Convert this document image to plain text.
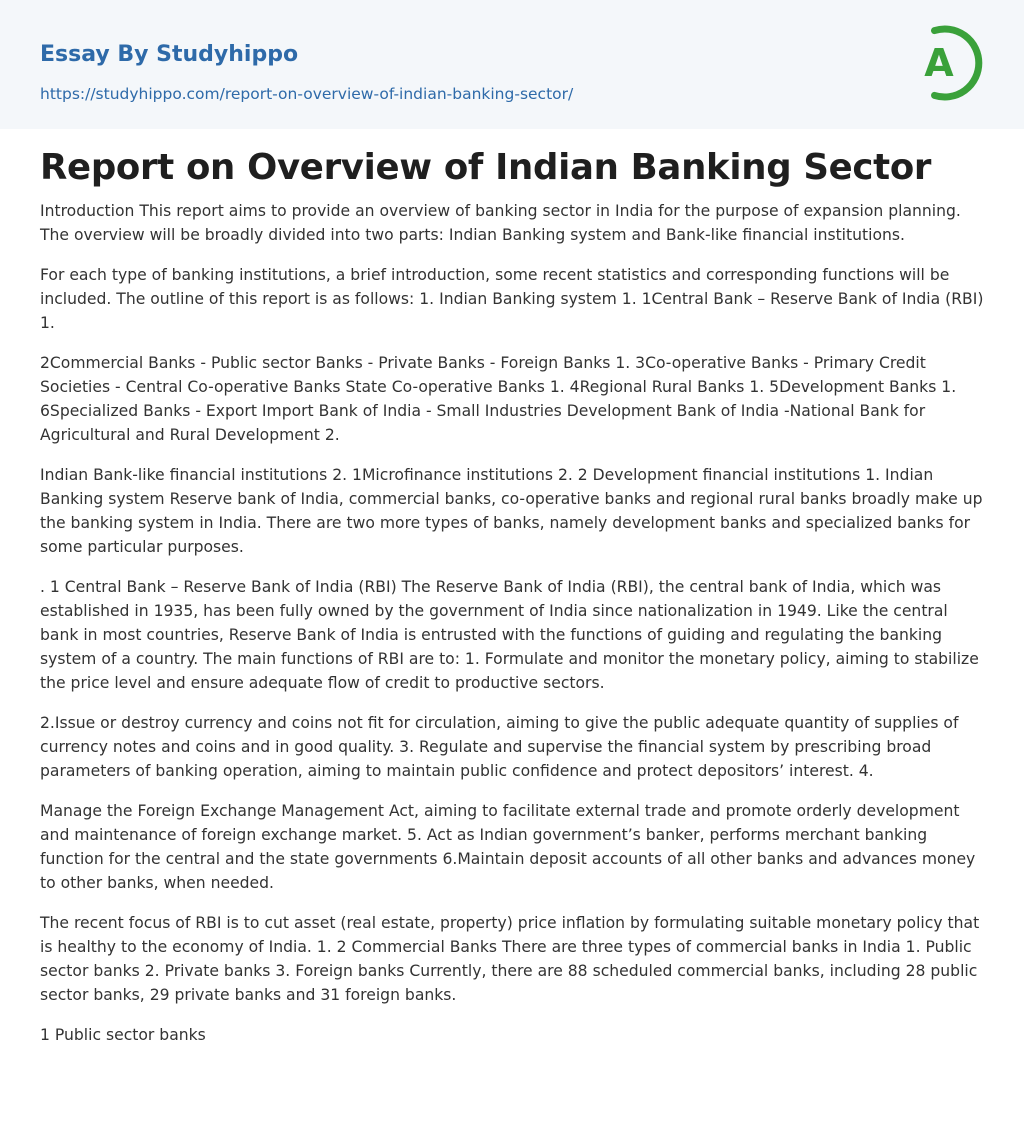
Essay By Studyhippo
https://studyhippo.com/report-on-overview-of-indian-banking-sector/
A
Report on Overview of Indian Banking Sector

Introduction This report aims to provide an overview of banking sector in India for the purpose of expansion planning. The overview will be broadly divided into two parts: Indian Banking system and Bank-like financial institutions.

For each type of banking institutions, a brief introduction, some recent statistics and corresponding functions will be included. The outline of this report is as follows: 1. Indian Banking system 1. 1Central Bank – Reserve Bank of India (RBI) 1.

2Commercial Banks - Public sector Banks - Private Banks - Foreign Banks 1. 3Co-operative Banks - Primary Credit Societies - Central Co-operative Banks State Co-operative Banks 1. 4Regional Rural Banks 1. 5Development Banks 1. 6Specialized Banks - Export Import Bank of India - Small Industries Development Bank of India -National Bank for Agricultural and Rural Development 2.

Indian Bank-like financial institutions 2. 1Microfinance institutions 2. 2 Development financial institutions 1. Indian Banking system Reserve bank of India, commercial banks, co-operative banks and regional rural banks broadly make up the banking system in India. There are two more types of banks, namely development banks and specialized banks for some particular purposes.

. 1 Central Bank – Reserve Bank of India (RBI) The Reserve Bank of India (RBI), the central bank of India, which was established in 1935, has been fully owned by the government of India since nationalization in 1949. Like the central bank in most countries, Reserve Bank of India is entrusted with the functions of guiding and regulating the banking system of a country. The main functions of RBI are to: 1. Formulate and monitor the monetary policy, aiming to stabilize the price level and ensure adequate flow of credit to productive sectors.

2.Issue or destroy currency and coins not fit for circulation, aiming to give the public adequate quantity of supplies of currency notes and coins and in good quality. 3. Regulate and supervise the financial system by prescribing broad parameters of banking operation, aiming to maintain public confidence and protect depositors’ interest. 4.

Manage the Foreign Exchange Management Act, aiming to facilitate external trade and promote orderly development and maintenance of foreign exchange market. 5. Act as Indian government’s banker, performs merchant banking function for the central and the state governments 6.Maintain deposit accounts of all other banks and advances money to other banks, when needed.

The recent focus of RBI is to cut asset (real estate, property) price inflation by formulating suitable monetary policy that is healthy to the economy of India. 1. 2 Commercial Banks There are three types of commercial banks in India 1. Public sector banks 2. Private banks 3. Foreign banks Currently, there are 88 scheduled commercial banks, including 28 public sector banks, 29 private banks and 31 foreign banks.

1 Public sector banks
